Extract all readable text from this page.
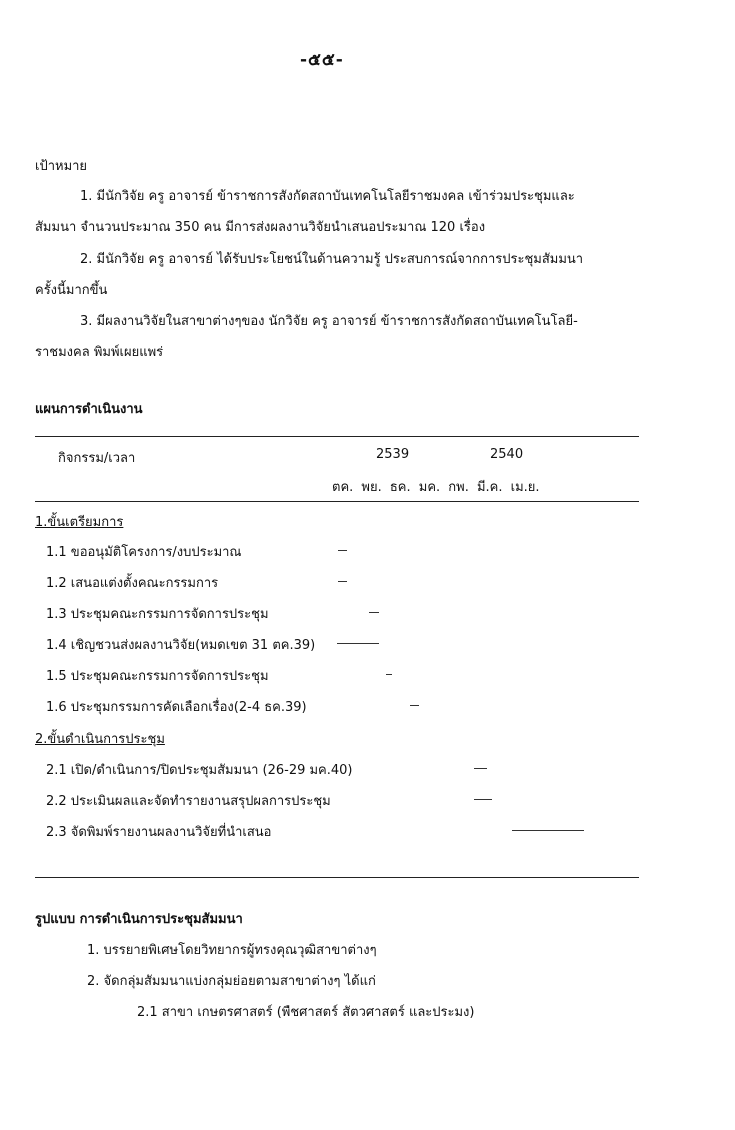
-๕๕-
เป้าหมาย
1. มีนักวิจัย ครู อาจารย์ ข้าราชการสังกัดสถาบันเทคโนโลยีราชมงคล เข้าร่วมประชุมและ
สัมมนา จำนวนประมาณ 350 คน มีการส่งผลงานวิจัยนำเสนอประมาณ 120 เรื่อง
2. มีนักวิจัย ครู อาจารย์ ได้รับประโยชน์ในด้านความรู้ ประสบการณ์จากการประชุมสัมมนา
ครั้งนี้มากขึ้น
3. มีผลงานวิจัยในสาขาต่างๆของ นักวิจัย ครู อาจารย์ ข้าราชการสังกัดสถาบันเทคโนโลยี-
ราชมงคล พิมพ์เผยแพร่
แผนการดำเนินงาน
กิจกรรม/เวลา	2539	2540
ตค. พย. ธค. มค. กพ. มี.ค. เม.ย.
1.ขั้นเตรียมการ
1.1 ขออนุมัติโครงการ/งบประมาณ
1.2 เสนอแต่งตั้งคณะกรรมการ
1.3 ประชุมคณะกรรมการจัดการประชุม
1.4 เชิญชวนส่งผลงานวิจัย(หมดเขต 31 ตค.39)
1.5 ประชุมคณะกรรมการจัดการประชุม
1.6 ประชุมกรรมการคัดเลือกเรื่อง(2-4 ธค.39)
2.ขั้นดำเนินการประชุม
2.1 เปิด/ดำเนินการ/ปิดประชุมสัมมนา (26-29 มค.40)
2.2 ประเมินผลและจัดทำรายงานสรุปผลการประชุม
2.3 จัดพิมพ์รายงานผลงานวิจัยที่นำเสนอ
รูปแบบ การดำเนินการประชุมสัมมนา
1. บรรยายพิเศษโดยวิทยากรผู้ทรงคุณวุฒิสาขาต่างๆ
2. จัดกลุ่มสัมมนาแบ่งกลุ่มย่อยตามสาขาต่างๆ ได้แก่
2.1 สาขา เกษตรศาสตร์ (พืชศาสตร์ สัตวศาสตร์ และประมง)
